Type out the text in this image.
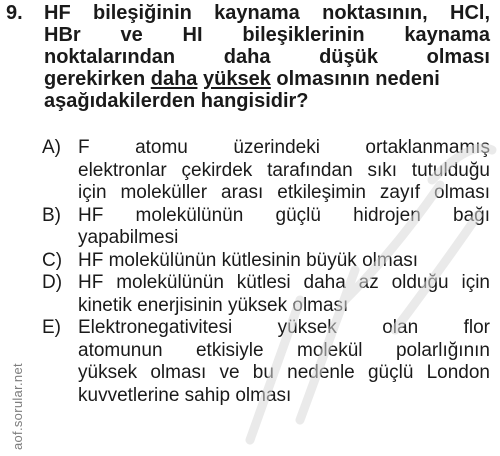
9. HF bileşiğinin kaynama noktasının, HCl,
HBr ve HI bileşiklerinin kaynama
noktalarından daha düşük olması
gerekirken daha yüksek olmasının nedeni
aşağıdakilerden hangisidir?
A) F atomu üzerindeki ortaklanmamış
elektronlar çekirdek tarafından sıkı tutulduğu
için moleküller arası etkileşimin zayıf olması
B) HF molekülünün güçlü hidrojen bağı
yapabilmesi
C) HF molekülünün kütlesinin büyük olması
D) HF molekülünün kütlesi daha az olduğu için
kinetik enerjisinin yüksek olması
E) Elektronegativitesi yüksek olan flor
atomunun etkisiyle molekül polarlığının
yüksek olması ve bu nedenle güçlü London
kuvvetlerine sahip olması
aof.sorular.net
